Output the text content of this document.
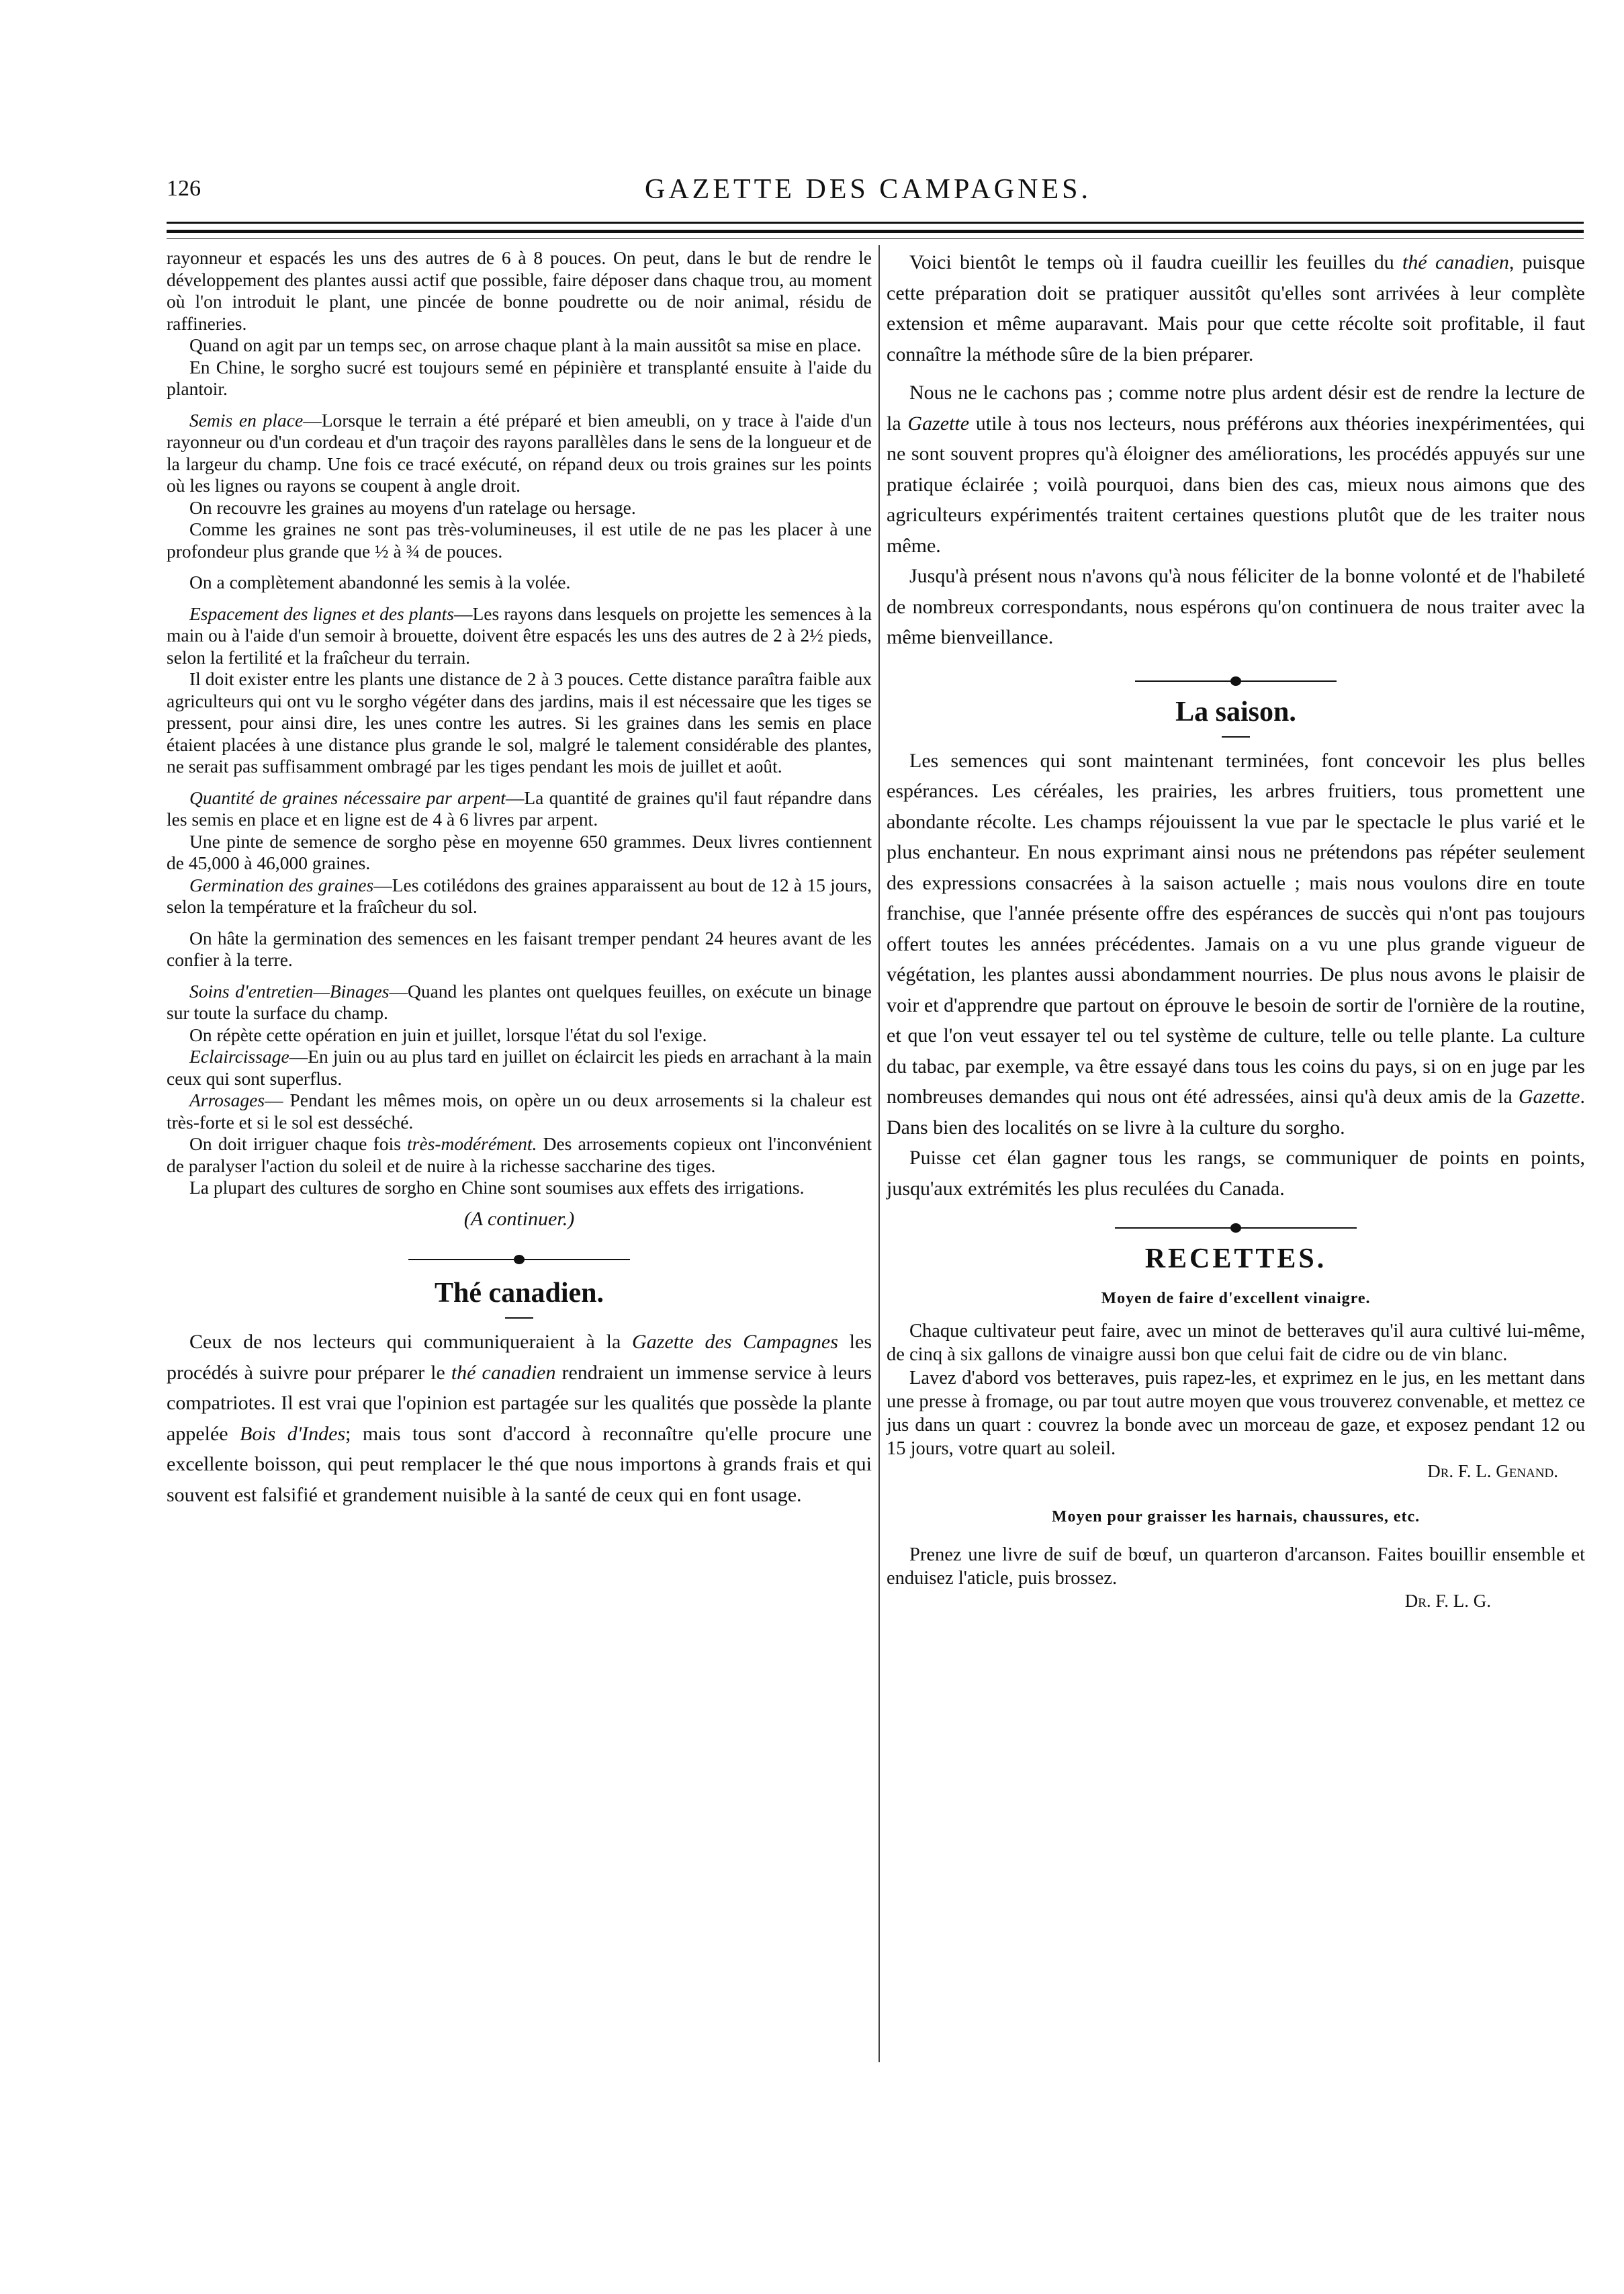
126	GAZETTE DES CAMPAGNES.

rayonneur et espacés les uns des autres de 6 à 8 pouces. On peut, dans le but de rendre le développement des plantes aussi actif que possible, faire déposer dans chaque trou, au moment où l'on introduit le plant, une pincée de bonne poudrette ou de noir animal, résidu de raffineries.

Quand on agit par un temps sec, on arrose chaque plant à la main aussitôt sa mise en place.

En Chine, le sorgho sucré est toujours semé en pépinière et transplanté ensuite à l'aide du plantoir.

Semis en place—Lorsque le terrain a été préparé et bien ameubli, on y trace à l'aide d'un rayonneur ou d'un cordeau et d'un traçoir des rayons parallèles dans le sens de la longueur et de la largeur du champ. Une fois ce tracé exécuté, on répand deux ou trois graines sur les points où les lignes ou rayons se coupent à angle droit.

On recouvre les graines au moyens d'un ratelage ou hersage.

Comme les graines ne sont pas très-volumineuses, il est utile de ne pas les placer à une profondeur plus grande que ½ à ¾ de pouces.

On a complètement abandonné les semis à la volée.

Espacement des lignes et des plants—Les rayons dans lesquels on projette les semences à la main ou à l'aide d'un semoir à brouette, doivent être espacés les uns des autres de 2 à 2½ pieds, selon la fertilité et la fraîcheur du terrain.

Il doit exister entre les plants une distance de 2 à 3 pouces. Cette distance paraîtra faible aux agriculteurs qui ont vu le sorgho végéter dans des jardins, mais il est nécessaire que les tiges se pressent, pour ainsi dire, les unes contre les autres. Si les graines dans les semis en place étaient placées à une distance plus grande le sol, malgré le talement considérable des plantes, ne serait pas suffisamment ombragé par les tiges pendant les mois de juillet et août.

Quantité de graines nécessaire par arpent—La quantité de graines qu'il faut répandre dans les semis en place et en ligne est de 4 à 6 livres par arpent.

Une pinte de semence de sorgho pèse en moyenne 650 grammes. Deux livres contiennent de 45,000 à 46,000 graines.

Germination des graines—Les cotilédons des graines apparaissent au bout de 12 à 15 jours, selon la température et la fraîcheur du sol.

On hâte la germination des semences en les faisant tremper pendant 24 heures avant de les confier à la terre.

Soins d'entretien—Binages—Quand les plantes ont quelques feuilles, on exécute un binage sur toute la surface du champ.

On répète cette opération en juin et juillet, lorsque l'état du sol l'exige.

Eclaircissage—En juin ou au plus tard en juillet on éclaircit les pieds en arrachant à la main ceux qui sont superflus.

Arrosages— Pendant les mêmes mois, on opère un ou deux arrosements si la chaleur est très-forte et si le sol est desséché.

On doit irriguer chaque fois très-modérément. Des arrosements copieux ont l'inconvénient de paralyser l'action du soleil et de nuire à la richesse saccharine des tiges.

La plupart des cultures de sorgho en Chine sont soumises aux effets des irrigations.

(A continuer.)

Thé canadien.

Ceux de nos lecteurs qui communiqueraient à la Gazette des Campagnes les procédés à suivre pour préparer le thé canadien rendraient un immense service à leurs compatriotes. Il est vrai que l'opinion est partagée sur les qualités que possède la plante appelée Bois d'Indes; mais tous sont d'accord à reconnaître qu'elle procure une excellente boisson, qui peut remplacer le thé que nous importons à grands frais et qui souvent est falsifié et grandement nuisible à la santé de ceux qui en font usage.

Voici bientôt le temps où il faudra cueillir les feuilles du thé canadien, puisque cette préparation doit se pratiquer aussitôt qu'elles sont arrivées à leur complète extension et même auparavant. Mais pour que cette récolte soit profitable, il faut connaître la méthode sûre de la bien préparer.

Nous ne le cachons pas ; comme notre plus ardent désir est de rendre la lecture de la Gazette utile à tous nos lecteurs, nous préférons aux théories inexpérimentées, qui ne sont souvent propres qu'à éloigner des améliorations, les procédés appuyés sur une pratique éclairée ; voilà pourquoi, dans bien des cas, mieux nous aimons que des agriculteurs expérimentés traitent certaines questions plutôt que de les traiter nous même.

Jusqu'à présent nous n'avons qu'à nous féliciter de la bonne volonté et de l'habileté de nombreux correspondants, nous espérons qu'on continuera de nous traiter avec la même bienveillance.

La saison.

Les semences qui sont maintenant terminées, font concevoir les plus belles espérances. Les céréales, les prairies, les arbres fruitiers, tous promettent une abondante récolte. Les champs réjouissent la vue par le spectacle le plus varié et le plus enchanteur. En nous exprimant ainsi nous ne prétendons pas répéter seulement des expressions consacrées à la saison actuelle ; mais nous voulons dire en toute franchise, que l'année présente offre des espérances de succès qui n'ont pas toujours offert toutes les années précédentes. Jamais on a vu une plus grande vigueur de végétation, les plantes aussi abondamment nourries. De plus nous avons le plaisir de voir et d'apprendre que partout on éprouve le besoin de sortir de l'ornière de la routine, et que l'on veut essayer tel ou tel système de culture, telle ou telle plante. La culture du tabac, par exemple, va être essayé dans tous les coins du pays, si on en juge par les nombreuses demandes qui nous ont été adressées, ainsi qu'à deux amis de la Gazette. Dans bien des localités on se livre à la culture du sorgho.

Puisse cet élan gagner tous les rangs, se communiquer de points en points, jusqu'aux extrémités les plus reculées du Canada.

RECETTES.
Moyen de faire d'excellent vinaigre.

Chaque cultivateur peut faire, avec un minot de betteraves qu'il aura cultivé lui-même, de cinq à six gallons de vinaigre aussi bon que celui fait de cidre ou de vin blanc.

Lavez d'abord vos betteraves, puis rapez-les, et exprimez en le jus, en les mettant dans une presse à fromage, ou par tout autre moyen que vous trouverez convenable, et mettez ce jus dans un quart : couvrez la bonde avec un morceau de gaze, et exposez pendant 12 ou 15 jours, votre quart au soleil.

Dr. F. L. Genand.

Moyen pour graisser les harnais, chaussures, etc.

Prenez une livre de suif de bœuf, un quarteron d'arcanson. Faites bouillir ensemble et enduisez l'aticle, puis brossez.

Dr. F. L. G.
